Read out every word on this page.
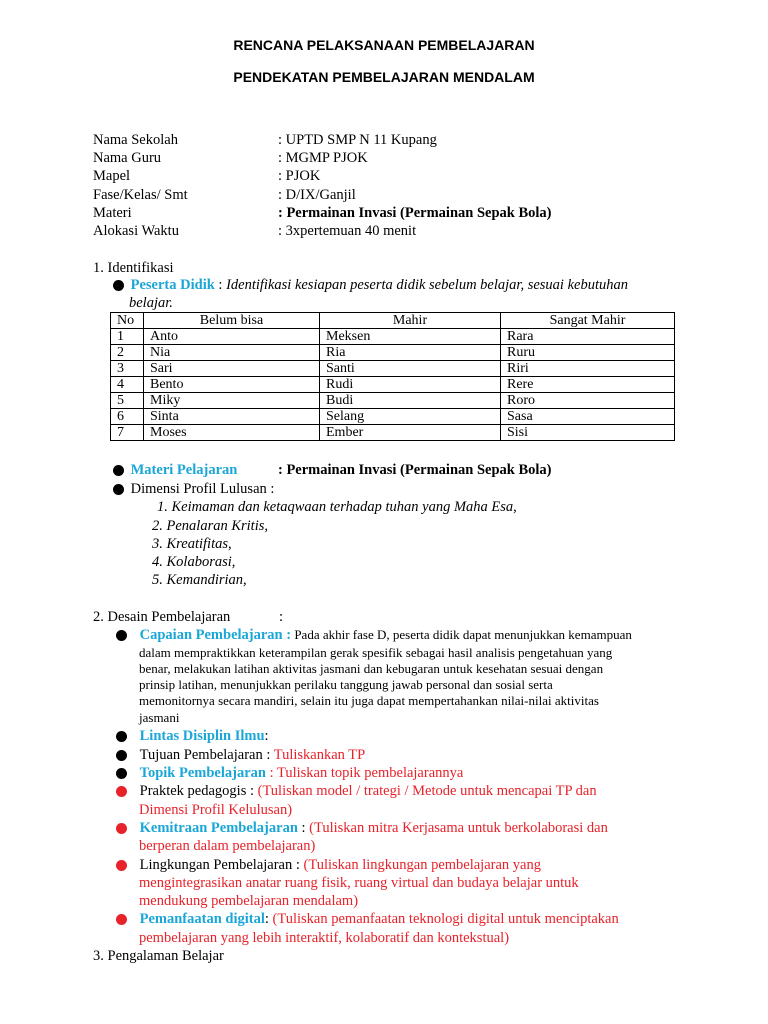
RENCANA PELAKSANAAN PEMBELAJARAN
PENDEKATAN PEMBELAJARAN MENDALAM
Nama Sekolah	: UPTD SMP N 11 Kupang
Nama Guru	: MGMP PJOK
Mapel	: PJOK
Fase/Kelas/ Smt	: D/IX/Ganjil
Materi	: Permainan Invasi (Permainan Sepak Bola)
Alokasi Waktu	: 3xpertemuan 40 menit
1. Identifikasi
Peserta Didik : Identifikasi kesiapan peserta didik sebelum belajar, sesuai kebutuhan
belajar.
No	Belum bisa	Mahir	Sangat Mahir
1	Anto	Meksen	Rara
2	Nia	Ria	Ruru
3	Sari	Santi	Riri
4	Bento	Rudi	Rere
5	Miky	Budi	Roro
6	Sinta	Selang	Sasa
7	Moses	Ember	Sisi
Materi Pelajaran	: Permainan Invasi (Permainan Sepak Bola)
Dimensi Profil Lulusan :
1. Keimaman dan ketaqwaan terhadap tuhan yang Maha Esa,
2. Penalaran Kritis,
3. Kreatifitas,
4. Kolaborasi,
5. Kemandirian,
2. Desain Pembelajaran	:
Capaian Pembelajaran : Pada akhir fase D, peserta didik dapat menunjukkan kemampuan
dalam mempraktikkan keterampilan gerak spesifik sebagai hasil analisis pengetahuan yang
benar, melakukan latihan aktivitas jasmani dan kebugaran untuk kesehatan sesuai dengan
prinsip latihan, menunjukkan perilaku tanggung jawab personal dan sosial serta
memonitornya secara mandiri, selain itu juga dapat mempertahankan nilai-nilai aktivitas
jasmani
Lintas Disiplin Ilmu:
Tujuan Pembelajaran : Tuliskankan TP
Topik Pembelajaran : Tuliskan topik pembelajarannya
Praktek pedagogis : (Tuliskan model / trategi / Metode untuk mencapai TP dan
Dimensi Profil Kelulusan)
Kemitraan Pembelajaran : (Tuliskan mitra Kerjasama untuk berkolaborasi dan
berperan dalam pembelajaran)
Lingkungan Pembelajaran : (Tuliskan lingkungan pembelajaran yang
mengintegrasikan anatar ruang fisik, ruang virtual dan budaya belajar untuk
mendukung pembelajaran mendalam)
Pemanfaatan digital: (Tuliskan pemanfaatan teknologi digital untuk menciptakan
pembelajaran yang lebih interaktif, kolaboratif dan kontekstual)
3. Pengalaman Belajar
